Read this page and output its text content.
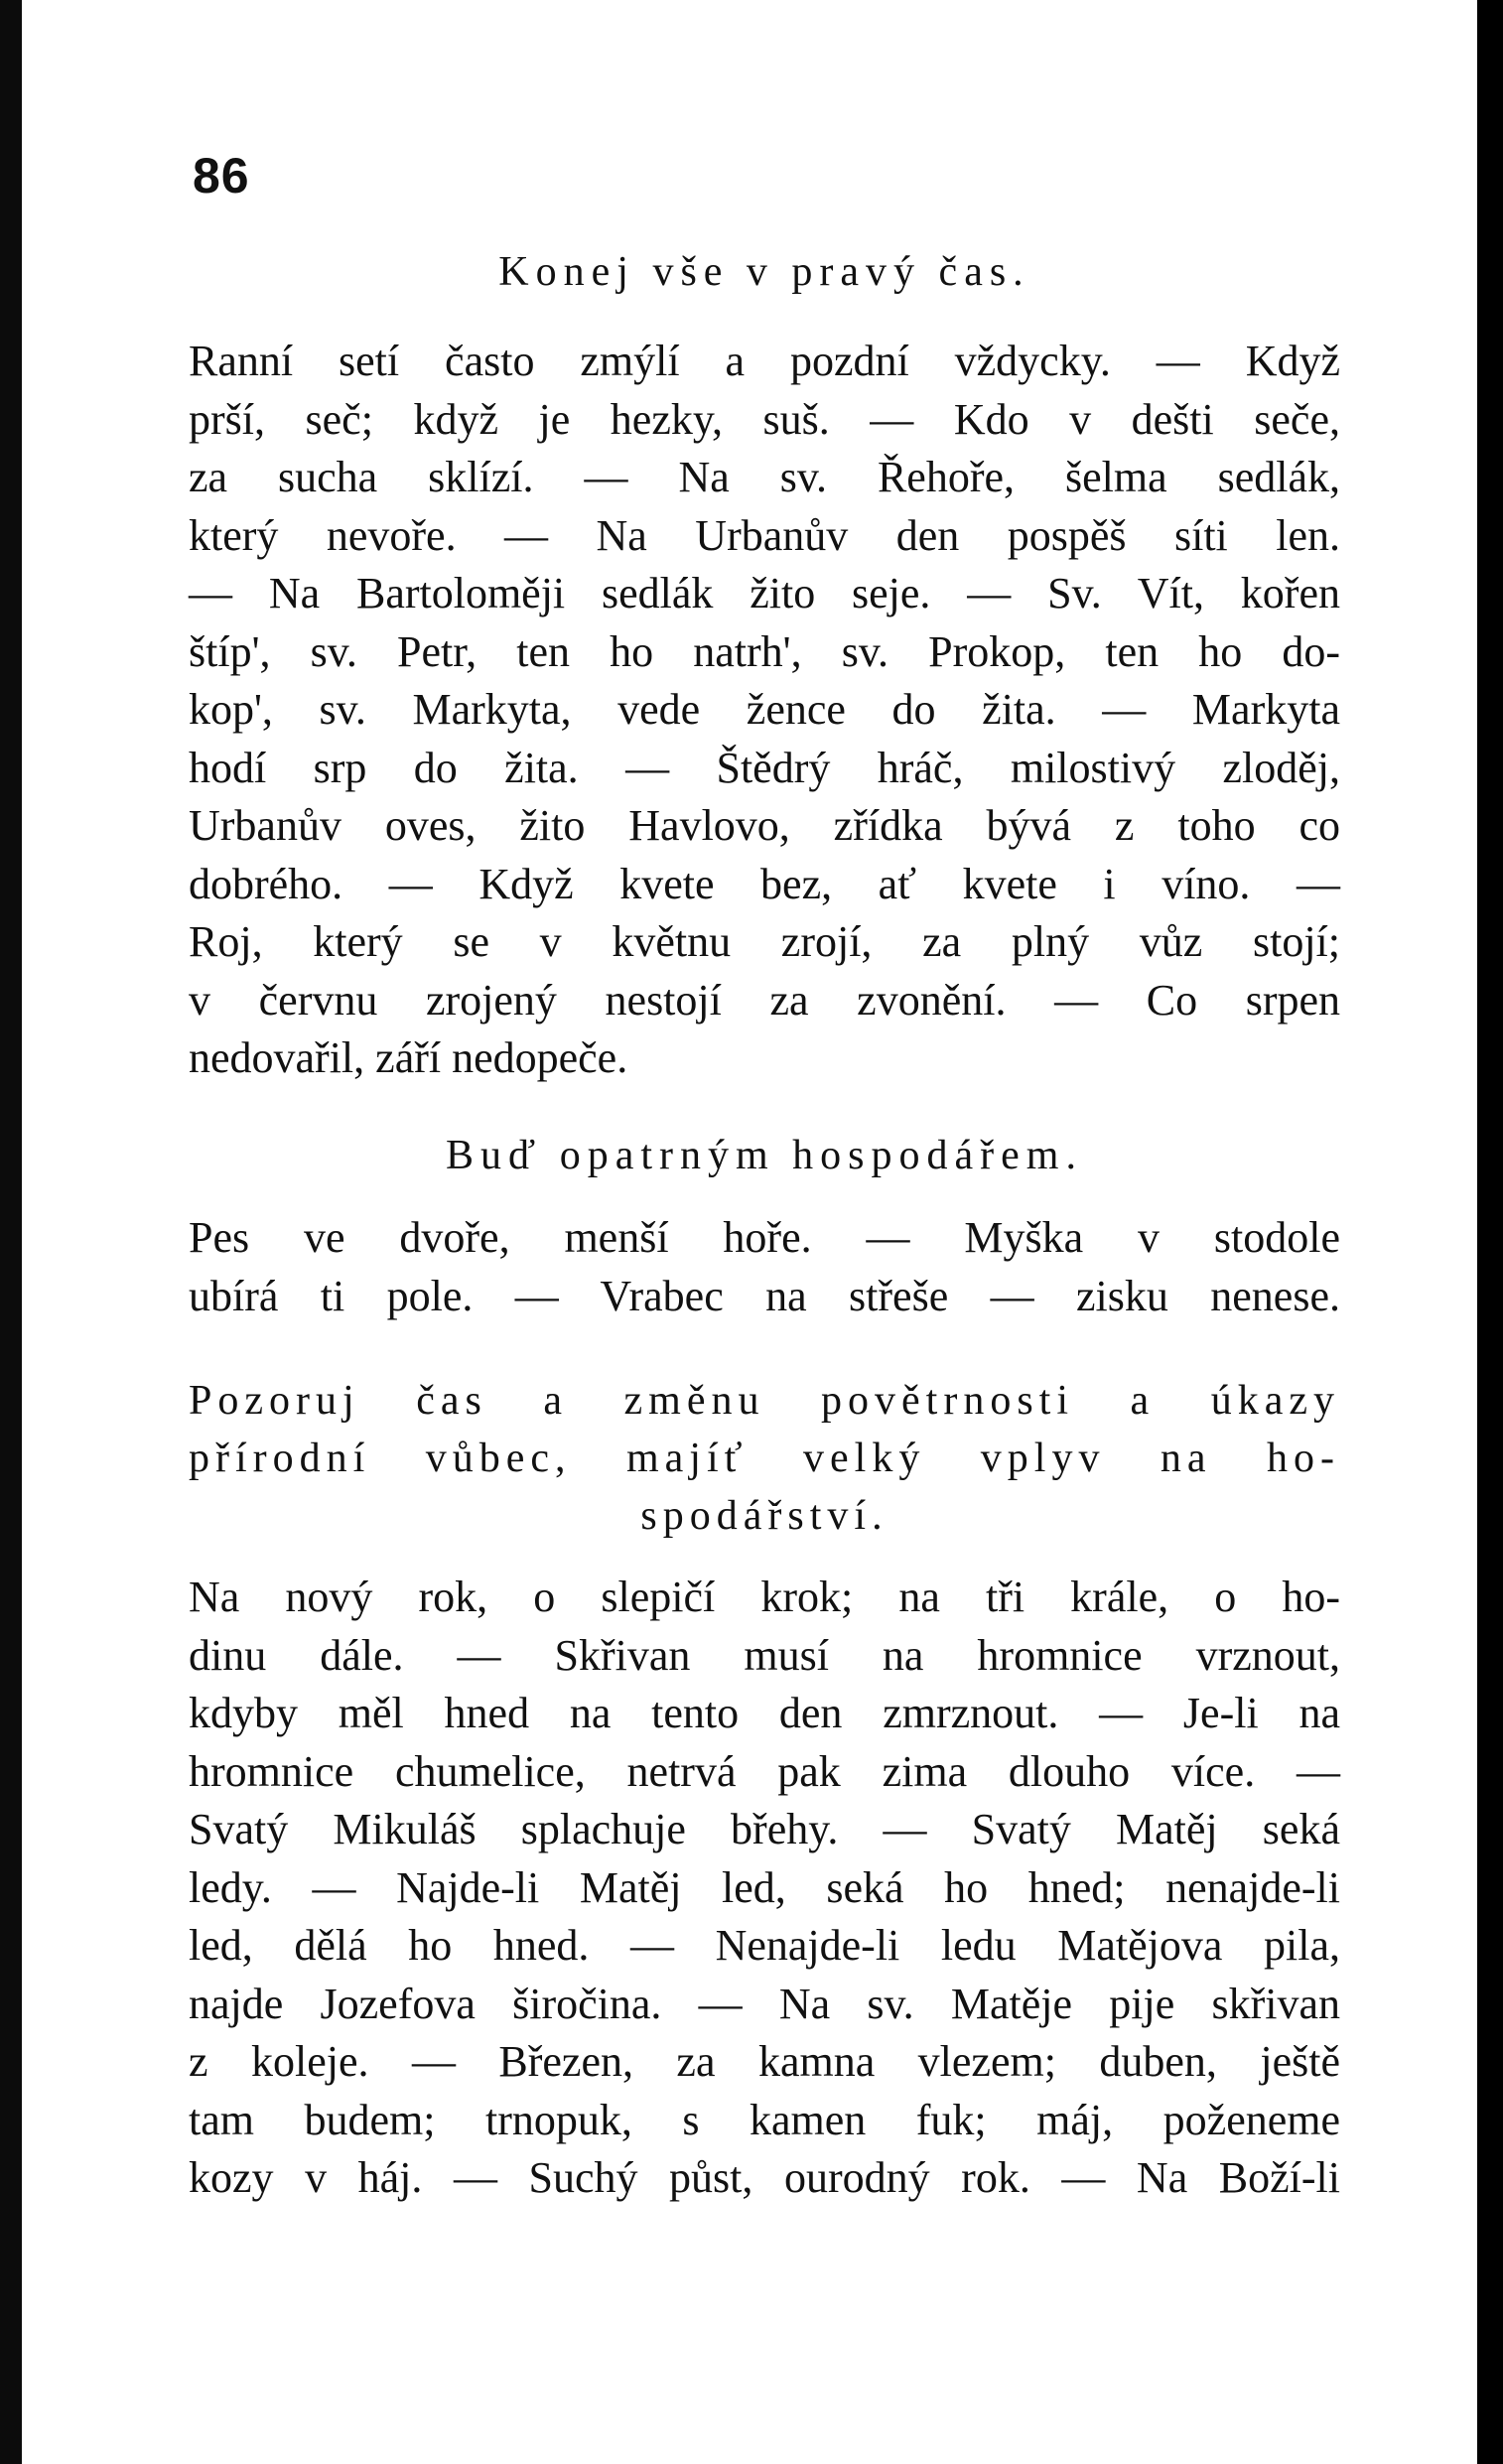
86

Konej vše v pravý čas.

Ranní setí často zmýlí a pozdní vždycky. — Když
prší, seč; když je hezky, suš. — Kdo v dešti seče,
za sucha sklízí. — Na sv. Řehoře, šelma sedlák,
který nevoře. — Na Urbanův den pospěš síti len.
— Na Bartoloměji sedlák žito seje. — Sv. Vít, kořen
štíp', sv. Petr, ten ho natrh', sv. Prokop, ten ho do-
kop', sv. Markyta, vede žence do žita. — Markyta
hodí srp do žita. — Štědrý hráč, milostivý zloděj,
Urbanův oves, žito Havlovo, zřídka bývá z toho co
dobrého. — Když kvete bez, ať kvete i víno. —
Roj, který se v květnu zrojí, za plný vůz stojí;
v červnu zrojený nestojí za zvonění. — Co srpen
nedovařil, září nedopeče.

Buď opatrným hospodářem.

Pes ve dvoře, menší hoře. — Myška v stodole
ubírá ti pole. — Vrabec na střeše — zisku nenese.
Pozoruj čas a změnu povětrnosti a úkazy
přírodní vůbec, majíť velký vplyv na ho-
spodářství.
Na nový rok, o slepičí krok; na tři krále, o ho-
dinu dále. — Skřivan musí na hromnice vrznout,
kdyby měl hned na tento den zmrznout. — Je-li na
hromnice chumelice, netrvá pak zima dlouho více. —
Svatý Mikuláš splachuje břehy. — Svatý Matěj seká
ledy. — Najde-li Matěj led, seká ho hned; nenajde-li
led, dělá ho hned. — Nenajde-li ledu Matějova pila,
najde Jozefova širočina. — Na sv. Matěje pije skřivan
z koleje. — Březen, za kamna vlezem; duben, ještě
tam budem; trnopuk, s kamen fuk; máj, poženeme
kozy v háj. — Suchý půst, ourodný rok. — Na Boží-li
